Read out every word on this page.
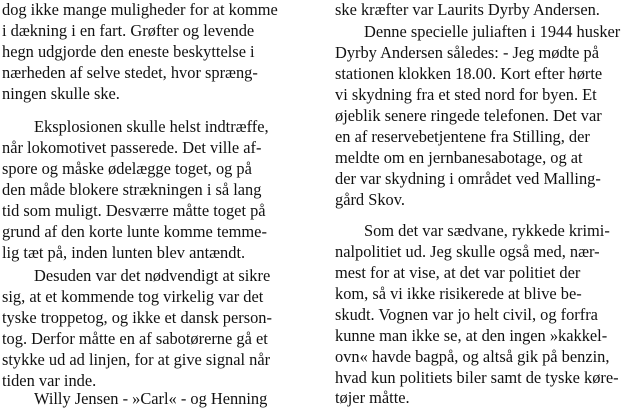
dog ikke mange muligheder for at komme
i dækning i en fart. Grøfter og levende
hegn udgjorde den eneste beskyttelse i
nærheden af selve stedet, hvor spræng-
ningen skulle ske.
Eksplosionen skulle helst indtræffe,
når lokomotivet passerede. Det ville af-
spore og måske ødelægge toget, og på
den måde blokere strækningen i så lang
tid som muligt. Desværre måtte toget på
grund af den korte lunte komme temme-
lig tæt på, inden lunten blev antændt.
Desuden var det nødvendigt at sikre
sig, at et kommende tog virkelig var det
tyske troppetog, og ikke et dansk person-
tog. Derfor måtte en af sabotørerne gå et
stykke ud ad linjen, for at give signal når
tiden var inde.
Willy Jensen - »Carl« - og Henning
ske kræfter var Laurits Dyrby Andersen.
Denne specielle juliaften i 1944 husker
Dyrby Andersen således: - Jeg mødte på
stationen klokken 18.00. Kort efter hørte
vi skydning fra et sted nord for byen. Et
øjeblik senere ringede telefonen. Det var
en af reservebetjentene fra Stilling, der
meldte om en jernbanesabotage, og at
der var skydning i området ved Malling-
gård Skov.
Som det var sædvane, rykkede krimi-
nalpolitiet ud. Jeg skulle også med, nær-
mest for at vise, at det var politiet der
kom, så vi ikke risikerede at blive be-
skudt. Vognen var jo helt civil, og forfra
kunne man ikke se, at den ingen »kakkel-
ovn« havde bagpå, og altså gik på benzin,
hvad kun politiets biler samt de tyske køre-
tøjer måtte.
